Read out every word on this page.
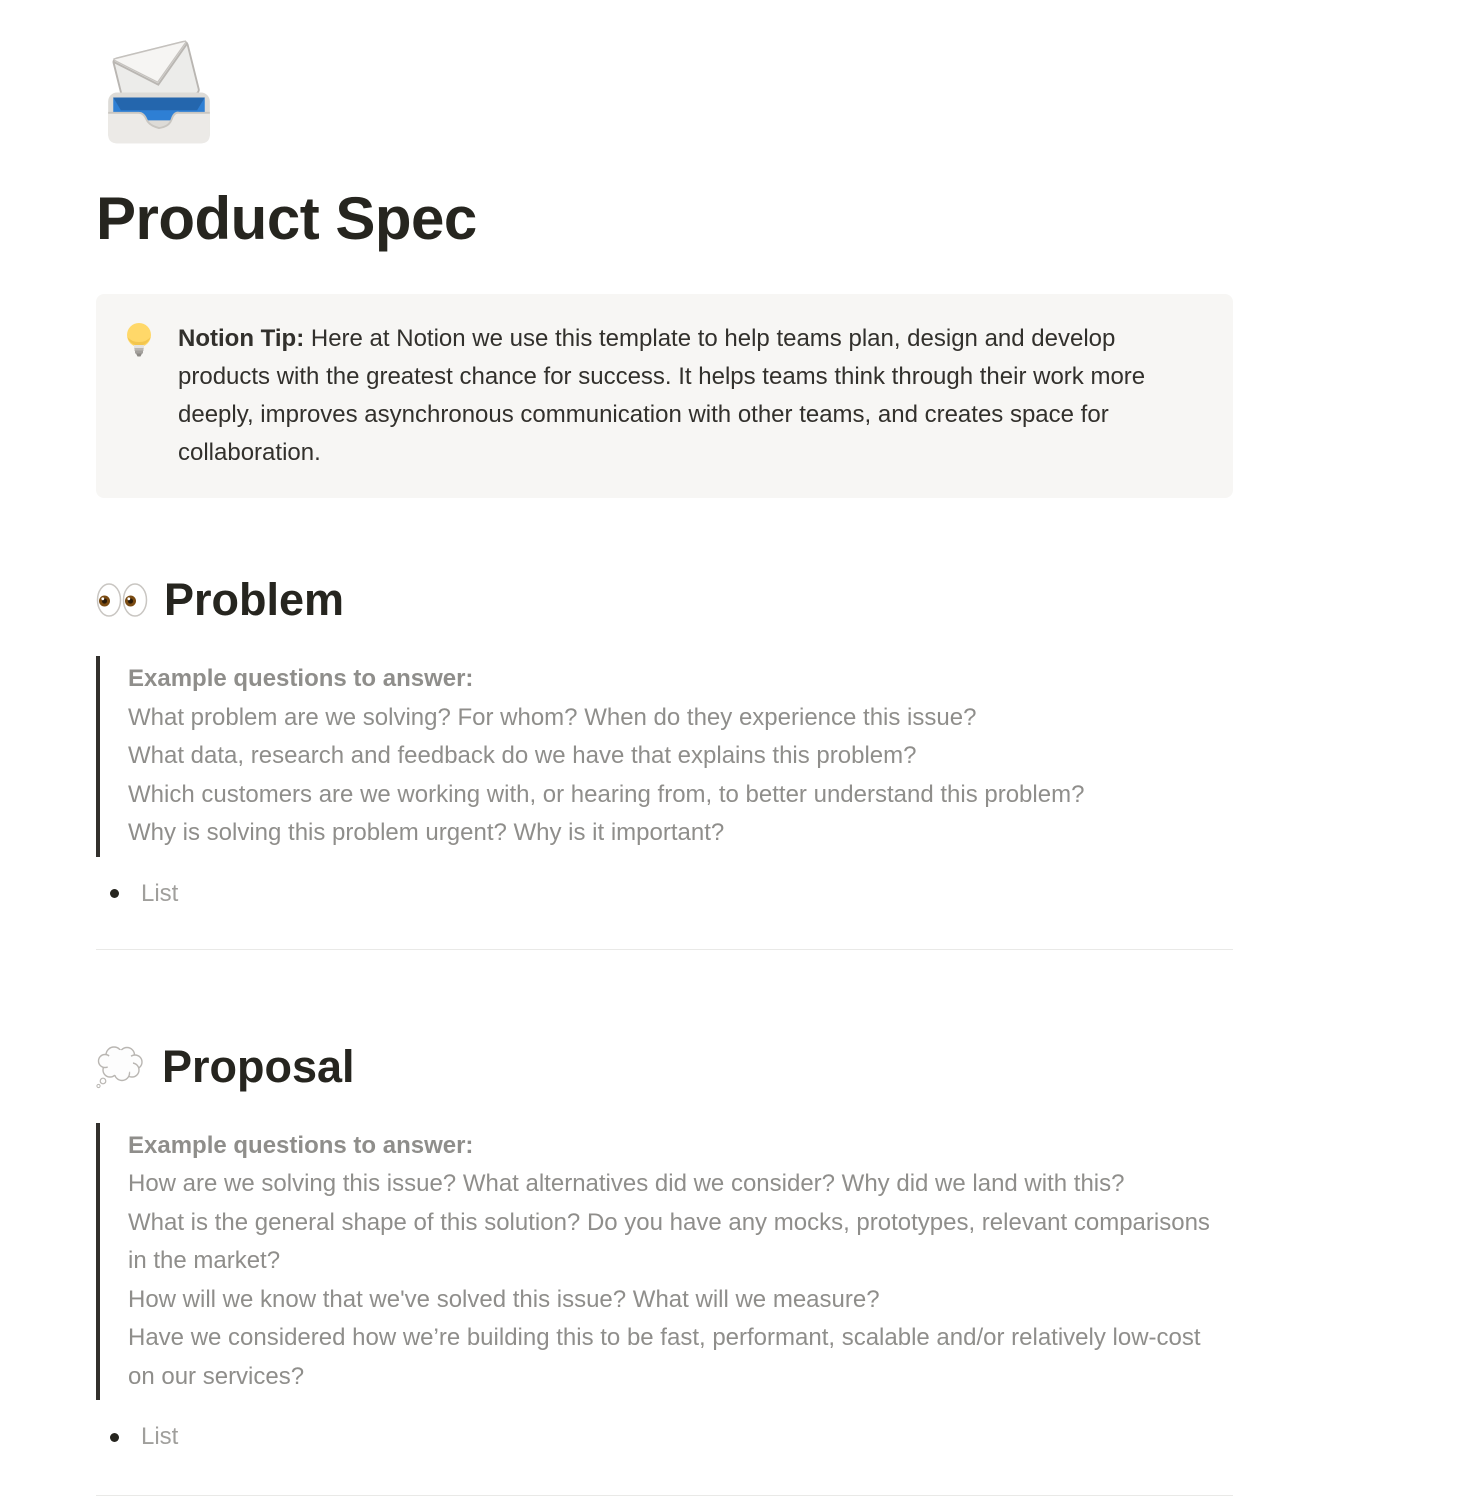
Product Spec
Notion Tip: Here at Notion we use this template to help teams plan, design and develop products with the greatest chance for success. It helps teams think through their work more deeply, improves asynchronous communication with other teams, and creates space for collaboration.
Problem
Example questions to answer:
What problem are we solving? For whom? When do they experience this issue?
What data, research and feedback do we have that explains this problem?
Which customers are we working with, or hearing from, to better understand this problem?
Why is solving this problem urgent? Why is it important?
List
Proposal
Example questions to answer:
How are we solving this issue? What alternatives did we consider? Why did we land with this?
What is the general shape of this solution? Do you have any mocks, prototypes, relevant comparisons in the market?
How will we know that we've solved this issue? What will we measure?
Have we considered how we’re building this to be fast, performant, scalable and/or relatively low-cost on our services?
List
